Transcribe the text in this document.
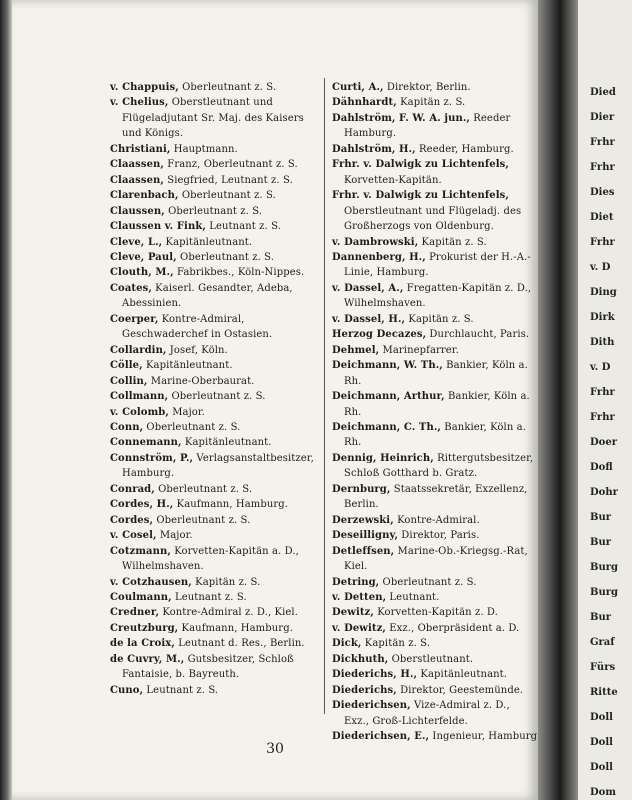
v. Chappuis, Oberleutnant z. S.

v. Chelius, Oberstleutnant und Flügeladjutant Sr. Maj. des Kaisers und Königs.

Christiani, Hauptmann.

Claassen, Franz, Oberleutnant z. S.

Claassen, Siegfried, Leutnant z. S.

Clarenbach, Oberleutnant z. S.

Claussen, Oberleutnant z. S.

Claussen v. Fink, Leutnant z. S.

Cleve, L., Kapitänleutnant.

Cleve, Paul, Oberleutnant z. S.

Clouth, M., Fabrikbes., Köln-Nippes.

Coates, Kaiserl. Gesandter, Adeba, Abessinien.

Coerper, Kontre-Admiral, Geschwaderchef in Ostasien.

Collardin, Josef, Köln.

Cölle, Kapitänleutnant.

Collin, Marine-Oberbaurat.

Collmann, Oberleutnant z. S.

v. Colomb, Major.

Conn, Oberleutnant z. S.

Connemann, Kapitänleutnant.

Connström, P., Verlagsanstaltbesitzer, Hamburg.

Conrad, Oberleutnant z. S.

Cordes, H., Kaufmann, Hamburg.

Cordes, Oberleutnant z. S.

v. Cosel, Major.

Cotzmann, Korvetten-Kapitän a. D., Wilhelmshaven.

v. Cotzhausen, Kapitän z. S.

Coulmann, Leutnant z. S.

Credner, Kontre-Admiral z. D., Kiel.

Creutzburg, Kaufmann, Hamburg.

de la Croix, Leutnant d. Res., Berlin.

de Cuvry, M., Gutsbesitzer, Schloß Fantaisie, b. Bayreuth.

Cuno, Leutnant z. S.

Curti, A., Direktor, Berlin.

Dähnhardt, Kapitän z. S.

Dahlström, F. W. A. jun., Reeder Hamburg.

Dahlström, H., Reeder, Hamburg.

Frhr. v. Dalwigk zu Lichtenfels, Korvetten-Kapitän.

Frhr. v. Dalwigk zu Lichtenfels, Oberstleutnant und Flügeladj. des Großherzogs von Oldenburg.

v. Dambrowski, Kapitän z. S.

Dannenberg, H., Prokurist der H.-A.-Linie, Hamburg.

v. Dassel, A., Fregatten-Kapitän z. D., Wilhelmshaven.

v. Dassel, H., Kapitän z. S.

Herzog Decazes, Durchlaucht, Paris.

Dehmel, Marinepfarrer.

Deichmann, W. Th., Bankier, Köln a. Rh.

Deichmann, Arthur, Bankier, Köln a. Rh.

Deichmann, C. Th., Bankier, Köln a. Rh.

Dennig, Heinrich, Rittergutsbesitzer, Schloß Gotthard b. Gratz.

Dernburg, Staatssekretär, Exzellenz, Berlin.

Derzewski, Kontre-Admiral.

Deseilligny, Direktor, Paris.

Detleffsen, Marine-Ob.-Kriegsg.-Rat, Kiel.

Detring, Oberleutnant z. S.

v. Detten, Leutnant.

Dewitz, Korvetten-Kapitän z. D.

v. Dewitz, Exz., Oberpräsident a. D.

Dick, Kapitän z. S.

Dickhuth, Oberstleutnant.

Diederichs, H., Kapitänleutnant.

Diederichs, Direktor, Geestemünde.

Diederichsen, Vize-Admiral z. D., Exz., Groß-Lichterfelde.

Diederichsen, E., Ingenieur, Hamburg

30
Died
Dier
Frhr
Frhr
Dies
Diet
Frhr
v. D
Ding
Dirk
Dith
v. D
Frhr
Frhr
Doer
Dofl
Dohr
Bur
Bur
Burg
Burg
Bur
Graf
Fürs
Ritte
Doll
Doll
Doll
Dom
